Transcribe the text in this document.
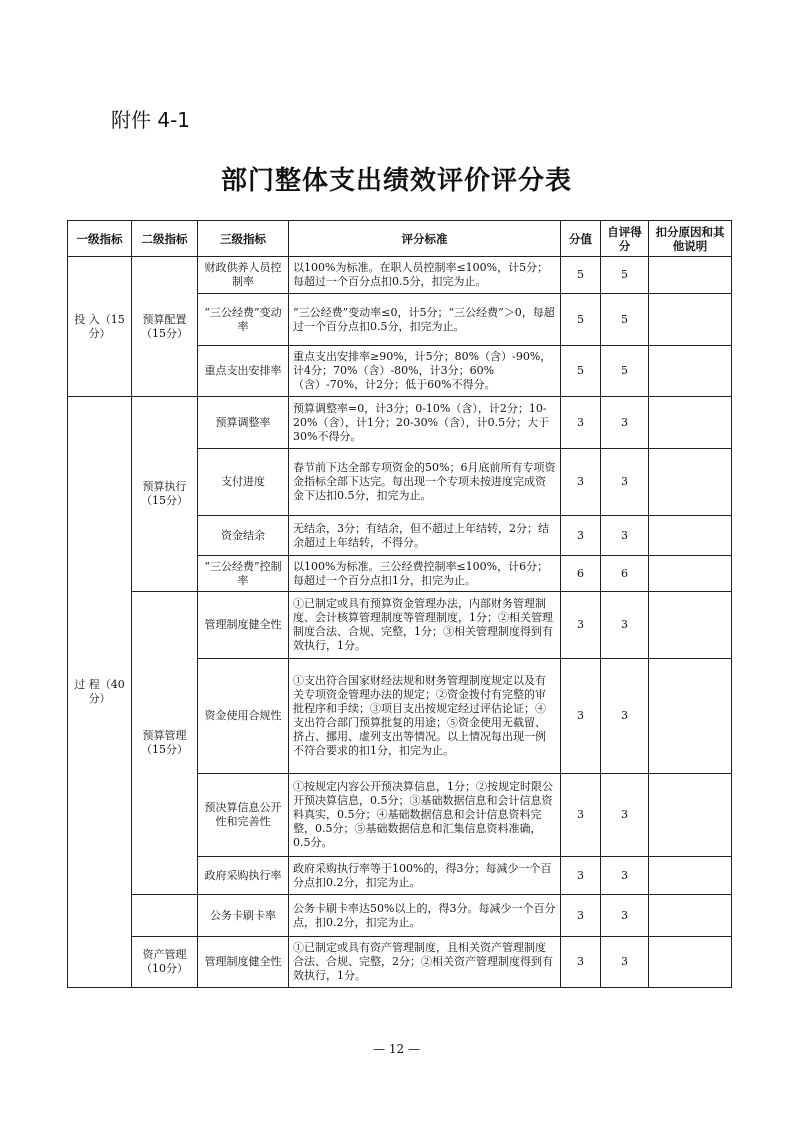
附件 4-1
部门整体支出绩效评价评分表
一级指标	二级指标	三级指标	评分标准	分值	自评得分	扣分原因和其他说明
投 入（15分）	预算配置（15分）	财政供养人员控制率	以100%为标准。在职人员控制率≤100%，计5分；每超过一个百分点扣0.5分，扣完为止。	5	5	
		“三公经费”变动率	“三公经费”变动率≤0，计5分；“三公经费”＞0，每超过一个百分点扣0.5分，扣完为止。	5	5	
		重点支出安排率	重点支出安排率≥90%，计5分；80%（含）-90%，计4分；70%（含）-80%，计3分；60%（含）-70%，计2分；低于60%不得分。	5	5	
过 程（40分）	预算执行（15分）	预算调整率	预算调整率=0，计3分；0-10%（含），计2分；10-20%（含），计1分；20-30%（含），计0.5分；大于30%不得分。	3	3	
		支付进度	春节前下达全部专项资金的50%；6月底前所有专项资金指标全部下达完。每出现一个专项未按进度完成资金下达扣0.5分，扣完为止。	3	3	
		资金结余	无结余，3分；有结余，但不超过上年结转，2分；结余超过上年结转，不得分。	3	3	
		“三公经费”控制率	以100%为标准。三公经费控制率≤100%，计6分；每超过一个百分点扣1分，扣完为止。	6	6	
	预算管理（15分）	管理制度健全性	①已制定或具有预算资金管理办法，内部财务管理制度、会计核算管理制度等管理制度，1分；②相关管理制度合法、合规、完整，1分；③相关管理制度得到有效执行，1分。	3	3	
		资金使用合规性	①支出符合国家财经法规和财务管理制度规定以及有关专项资金管理办法的规定；②资金拨付有完整的审批程序和手续；③项目支出按规定经过评估论证；④支出符合部门预算批复的用途；⑤资金使用无截留、挤占、挪用、虚列支出等情况。以上情况每出现一例不符合要求的扣1分，扣完为止。	3	3	
		预决算信息公开性和完善性	①按规定内容公开预决算信息，1分；②按规定时限公开预决算信息，0.5分；③基础数据信息和会计信息资料真实，0.5分；④基础数据信息和会计信息资料完整，0.5分；⑤基础数据信息和汇集信息资料准确，0.5分。	3	3	
		政府采购执行率	政府采购执行率等于100%的，得3分；每减少一个百分点扣0.2分，扣完为止。	3	3	
		公务卡刷卡率	公务卡刷卡率达50%以上的，得3分。每减少一个百分点，扣0.2分，扣完为止。	3	3	
	资产管理（10分）	管理制度健全性	①已制定或具有资产管理制度，且相关资产管理制度合法、合规、完整，2分；②相关资产管理制度得到有效执行，1分。	3	3	
— 12 —
